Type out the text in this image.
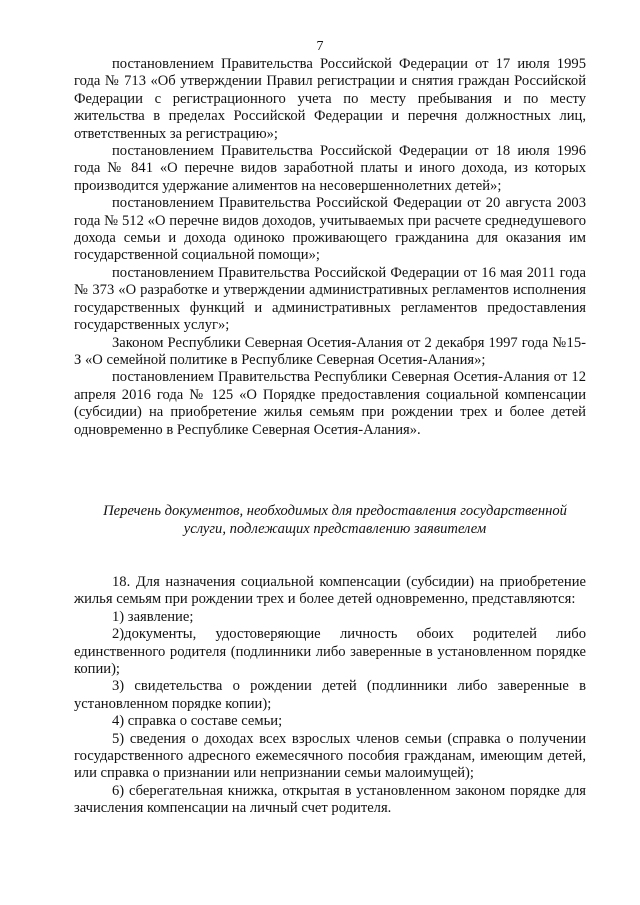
7

постановлением Правительства Российской Федерации от 17 июля 1995 года № 713 «Об утверждении Правил регистрации и снятия граждан Российской Федерации с регистрационного учета по месту пребывания и по месту жительства в пределах Российской Федерации и перечня должностных лиц, ответственных за регистрацию»;

постановлением Правительства Российской Федерации от 18 июля 1996 года № 841 «О перечне видов заработной платы и иного дохода, из которых производится удержание алиментов на несовершеннолетних детей»;

постановлением Правительства Российской Федерации от 20 августа 2003 года № 512 «О перечне видов доходов, учитываемых при расчете среднедушевого дохода семьи и дохода одиноко проживающего гражданина для оказания им государственной социальной помощи»;

постановлением Правительства Российской Федерации от 16 мая 2011 года № 373 «О разработке и утверждении административных регламентов исполнения государственных функций и административных регламентов предоставления государственных услуг»;

Законом Республики Северная Осетия-Алания от 2 декабря 1997 года №15-З «О семейной политике в Республике Северная Осетия-Алания»;

постановлением Правительства Республики Северная Осетия-Алания от 12 апреля 2016 года № 125 «О Порядке предоставления социальной компенсации (субсидии) на приобретение жилья семьям при рождении трех и более детей одновременно в Республике Северная Осетия-Алания».

Перечень документов, необходимых для предоставления государственной услуги, подлежащих представлению заявителем

18. Для назначения социальной компенсации (субсидии) на приобретение жилья семьям при рождении трех и более детей одновременно, представляются:

1) заявление;

2)документы, удостоверяющие личность обоих родителей либо единственного родителя (подлинники либо заверенные в установленном порядке копии);

3) свидетельства о рождении детей (подлинники либо заверенные в установленном порядке копии);

4) справка о составе семьи;

5) сведения о доходах всех взрослых членов семьи (справка о получении государственного адресного ежемесячного пособия гражданам, имеющим детей, или справка о признании или непризнании семьи малоимущей);

6) сберегательная книжка, открытая в установленном законом порядке для зачисления компенсации на личный счет родителя.
